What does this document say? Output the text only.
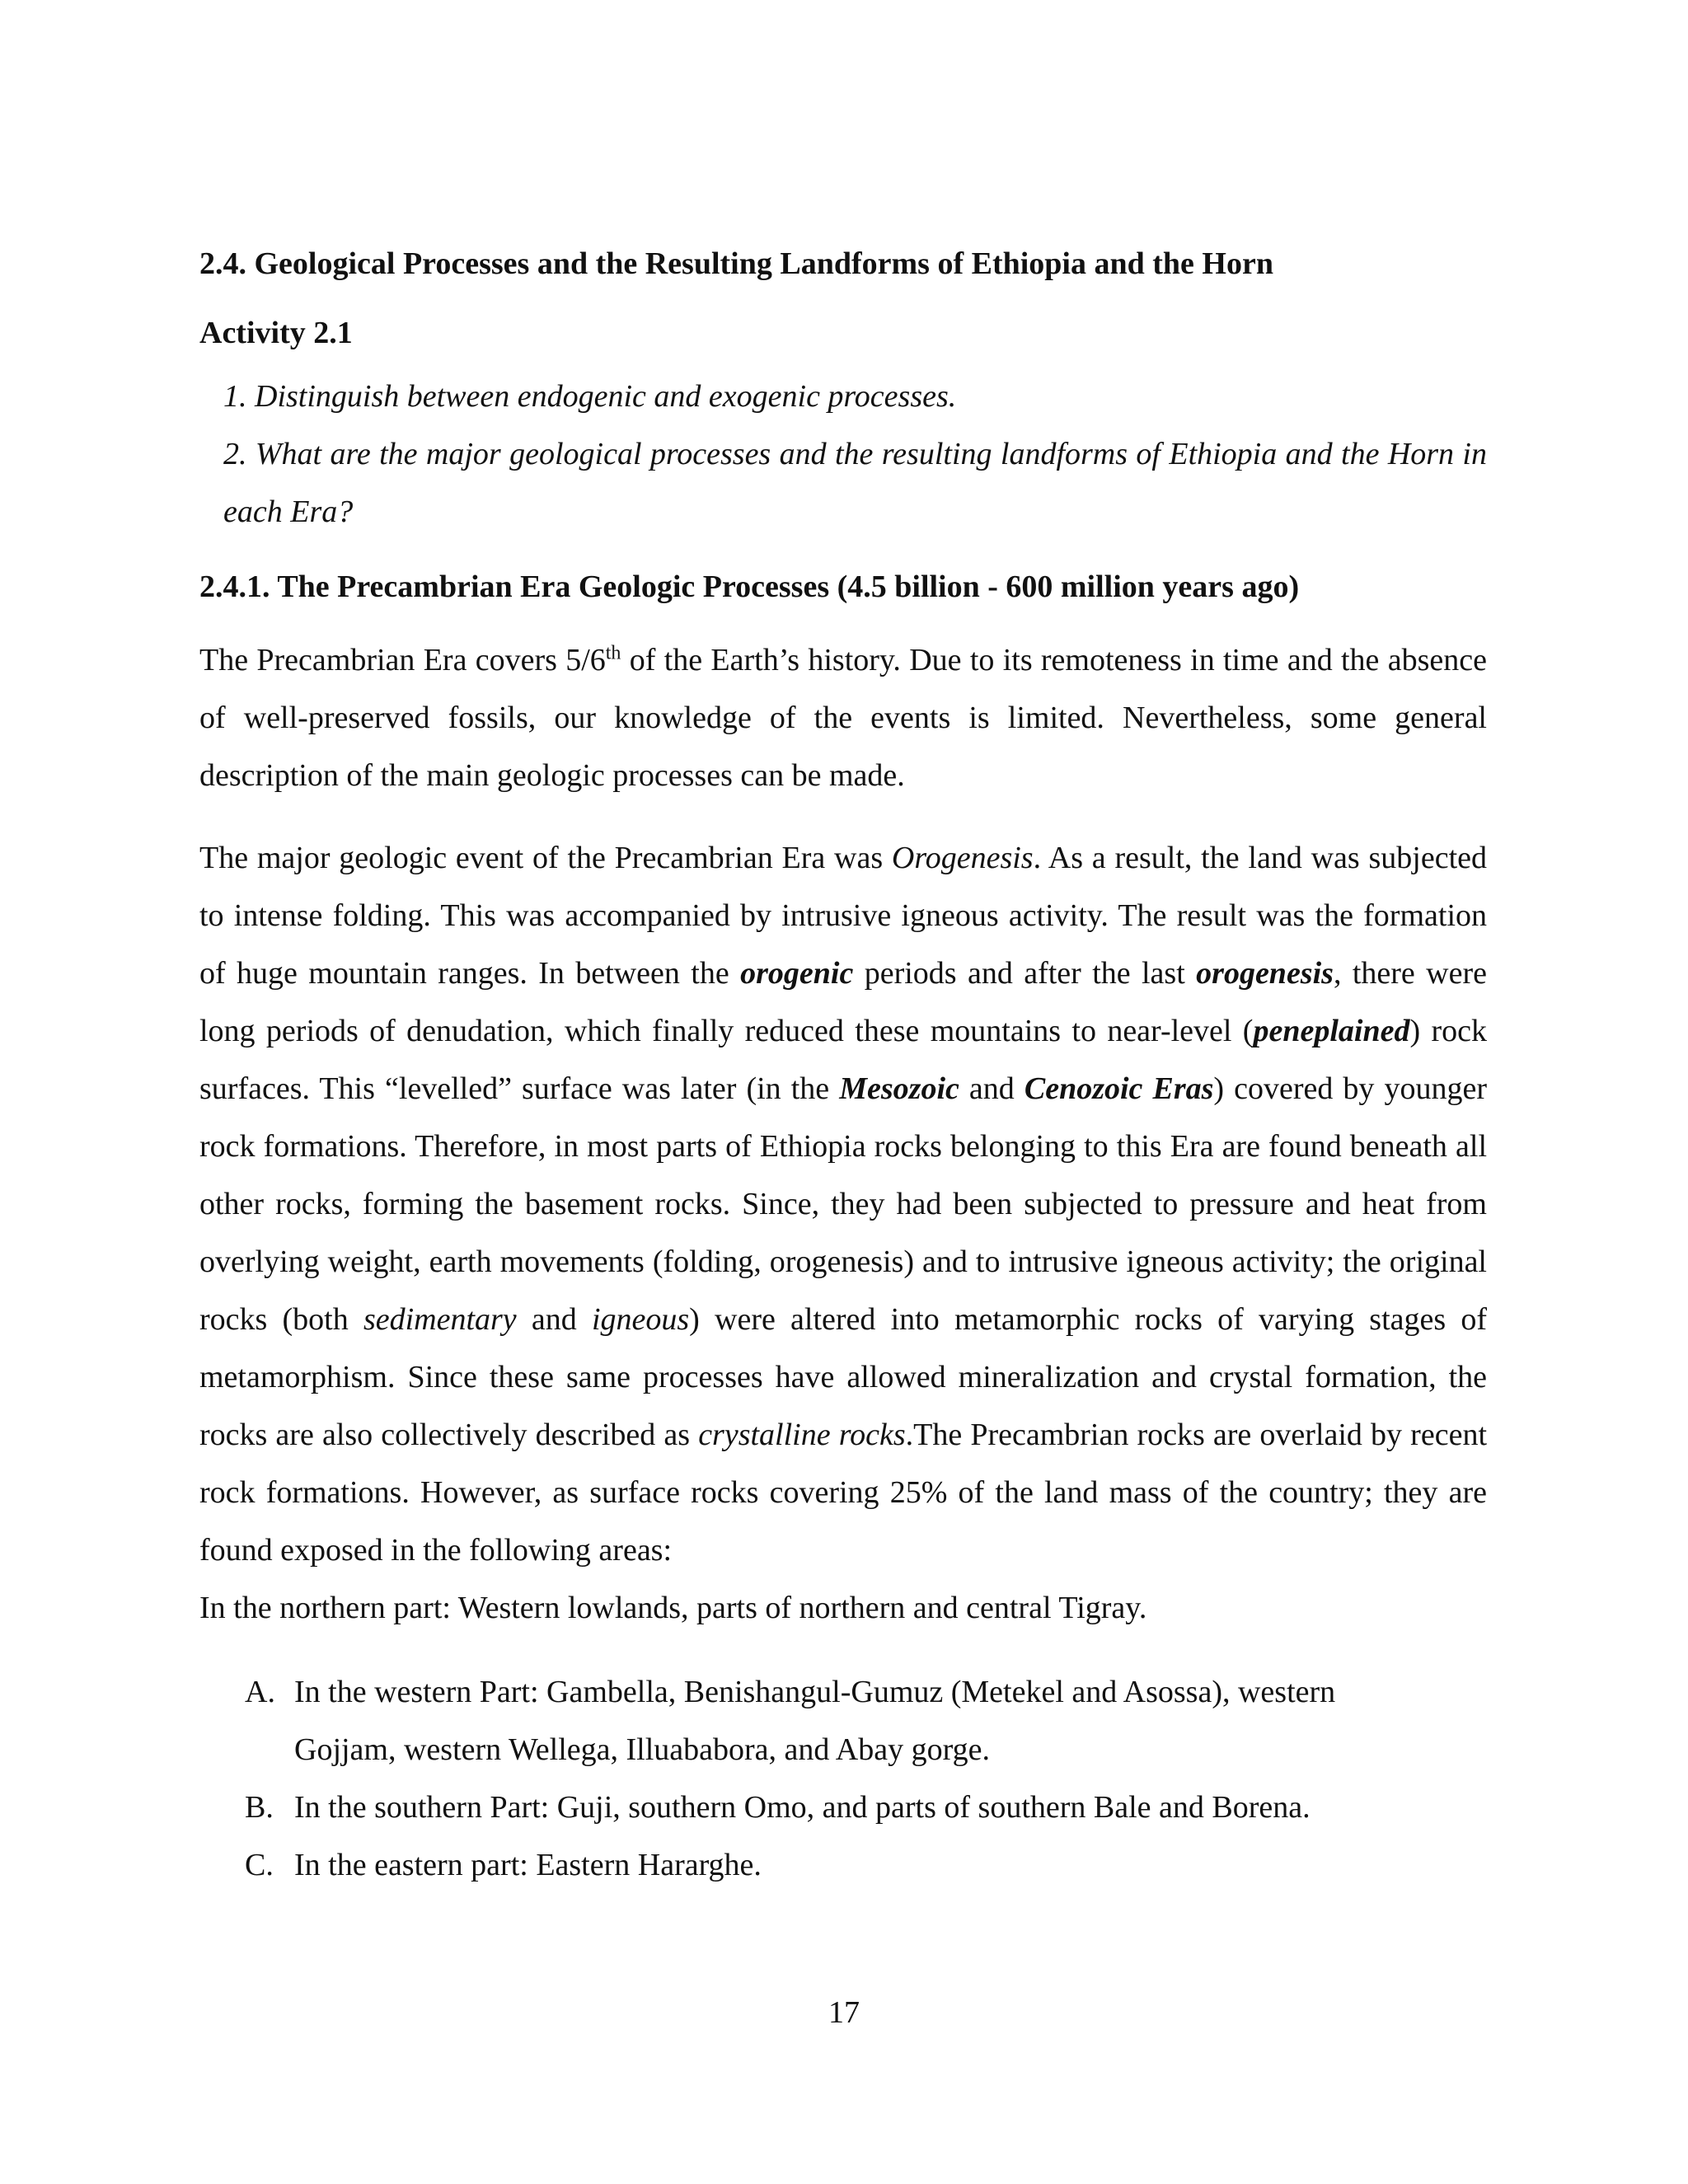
2.4. Geological Processes and the Resulting Landforms of Ethiopia and the Horn
Activity 2.1
1. Distinguish between endogenic and exogenic processes.
2. What are the major geological processes and the resulting landforms of Ethiopia and the Horn in each Era?
2.4.1. The Precambrian Era Geologic Processes (4.5 billion - 600 million years ago)

The Precambrian Era covers 5/6th of the Earth’s history. Due to its remoteness in time and the absence of well-preserved fossils, our knowledge of the events is limited. Nevertheless, some general description of the main geologic processes can be made.

The major geologic event of the Precambrian Era was Orogenesis. As a result, the land was subjected to intense folding. This was accompanied by intrusive igneous activity. The result was the formation of huge mountain ranges. In between the orogenic periods and after the last orogenesis, there were long periods of denudation, which finally reduced these mountains to near-level (peneplained) rock surfaces. This “levelled” surface was later (in the Mesozoic and Cenozoic Eras) covered by younger rock formations. Therefore, in most parts of Ethiopia rocks belonging to this Era are found beneath all other rocks, forming the basement rocks. Since, they had been subjected to pressure and heat from overlying weight, earth movements (folding, orogenesis) and to intrusive igneous activity; the original rocks (both sedimentary and igneous) were altered into metamorphic rocks of varying stages of metamorphism. Since these same processes have allowed mineralization and crystal formation, the rocks are also collectively described as crystalline rocks.The Precambrian rocks are overlaid by recent rock formations. However, as surface rocks covering 25% of the land mass of the country; they are found exposed in the following areas:

In the northern part: Western lowlands, parts of northern and central Tigray.

A. In the western Part: Gambella, Benishangul-Gumuz (Metekel and Asossa), western Gojjam, western Wellega, Illuababora, and Abay gorge.
B. In the southern Part: Guji, southern Omo, and parts of southern Bale and Borena.
C. In the eastern part: Eastern Hararghe.
17
